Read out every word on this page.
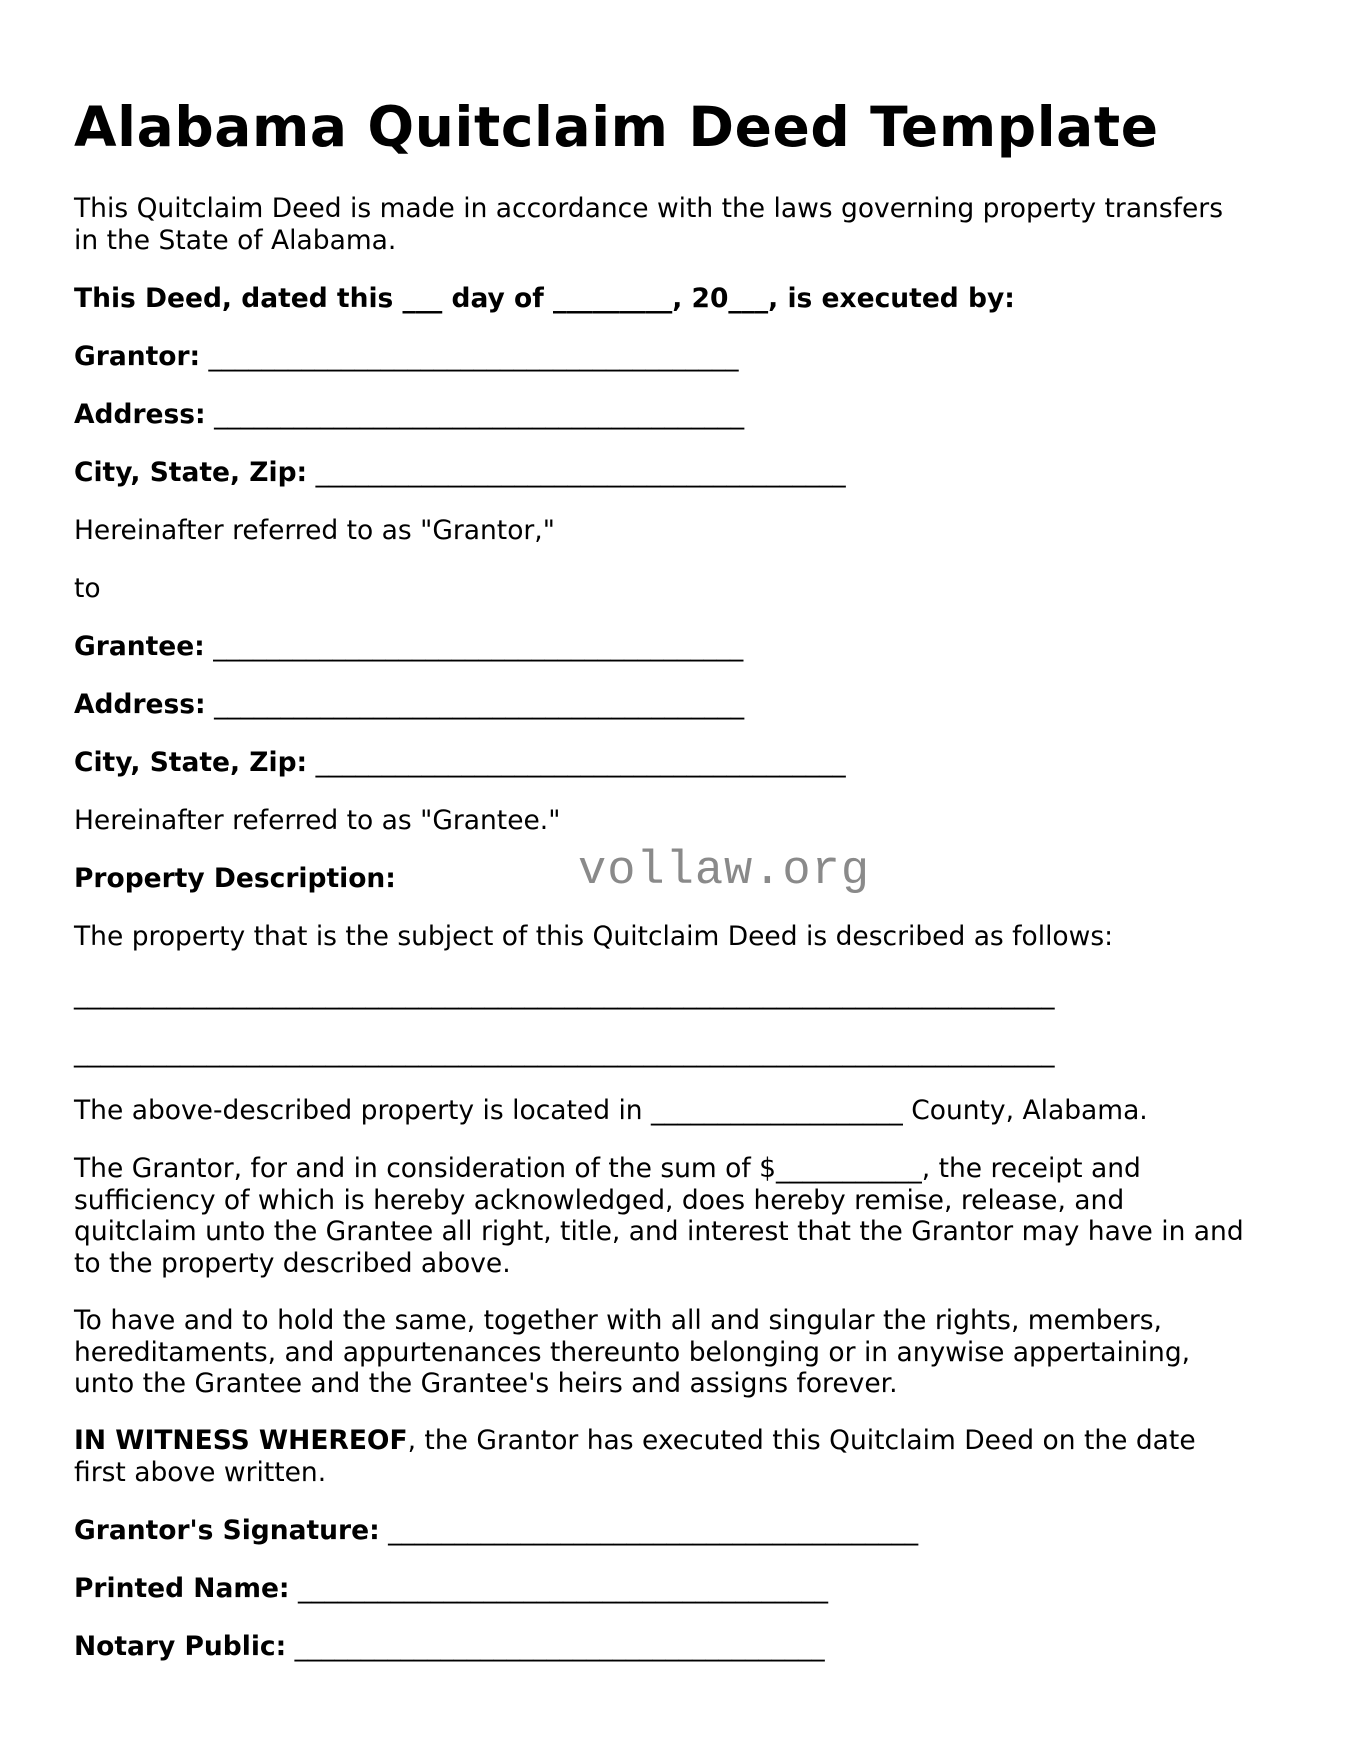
Alabama Quitclaim Deed Template

This Quitclaim Deed is made in accordance with the laws governing property transfers in the State of Alabama.

This Deed, dated this ___ day of _________, 20___, is executed by:

Grantor: ________________________________________

Address: ________________________________________

City, State, Zip: ________________________________________

Hereinafter referred to as "Grantor,"

to

Grantee: ________________________________________

Address: ________________________________________

City, State, Zip: ________________________________________

Hereinafter referred to as "Grantee."

Property Description:

The property that is the subject of this Quitclaim Deed is described as follows:

__________________________________________________________________________

__________________________________________________________________________

The above-described property is located in ___________________ County, Alabama.

The Grantor, for and in consideration of the sum of $___________, the receipt and sufficiency of which is hereby acknowledged, does hereby remise, release, and quitclaim unto the Grantee all right, title, and interest that the Grantor may have in and to the property described above.

To have and to hold the same, together with all and singular the rights, members, hereditaments, and appurtenances thereunto belonging or in anywise appertaining, unto the Grantee and the Grantee's heirs and assigns forever.

IN WITNESS WHEREOF, the Grantor has executed this Quitclaim Deed on the date first above written.

Grantor's Signature: ________________________________________

Printed Name: ________________________________________

Notary Public: ________________________________________

vollaw.org
